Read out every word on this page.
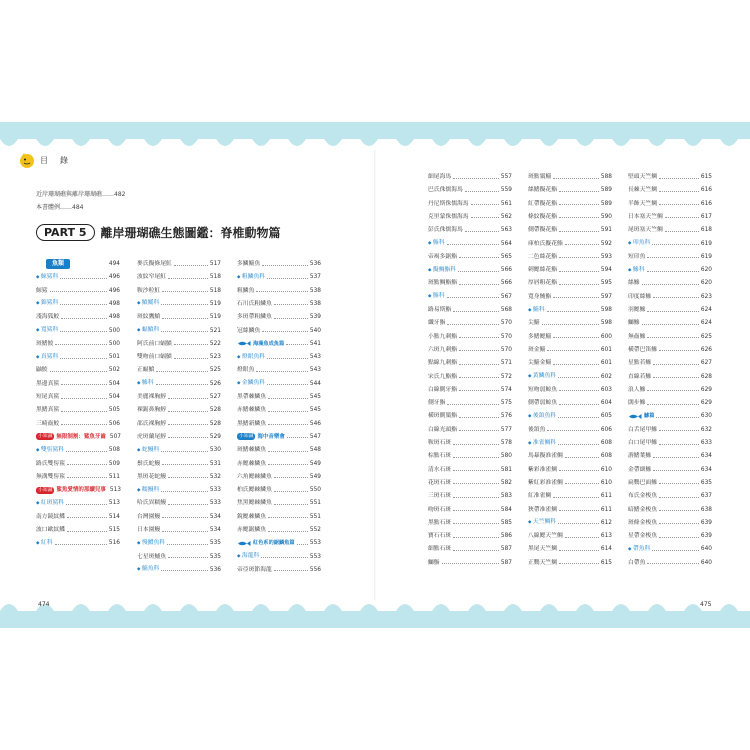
目　錄
近岸珊瑚礁與離岸珊瑚礁……482
本書體例……484
PART 5	離岸珊瑚礁生態圖鑑：脊椎動物篇
魚類	494
◆ 鯨鯊科	496
鯨鯊	496
◆ 錦鯊科	498
淺海狐鮫	498
◆ 寬鯊科	500
斑鰭鮫	500
◆ 真鯊科	501
鼬鮫	502
黑邊真鯊	504
短尾真鯊	504
黑鰭真鯊	505
三崎齒鮫	506
小知識 無限制割：鯊魚牙齒 507
◆ 雙髻鯊科	508
路氏雙髻鯊	509
無溝雙髻鯊	511
小知識 鯊魚愛情的那續兒事 513
◆ 紅斑鯊科	513
南方鏡紋鰈	514
波口歐紋鰈	515
◆ 紅科	516
麥氏擬條尾魟	517
波紋窄尾魟	518
鞍沙粒魟	518
◆ 鱝鰩科	519
斑紋鷹鱝	519
◆ 蝠鱝科	521
阿氏前口蝠鱝	522
雙吻前口蝠鱝	523
正蝠鱝	525
◆ 鰺科	526
美麗裸胸鯙	527
裸鋸鼻胸鯙	528
邵氏裸胸鯙	528
虎斑蘭尾鯙	529
◆ 蛇鰻科	530
鬃氏蛇鰻	531
黑斑花蛇鰻	532
◆ 糯鰻科	533
哈氏異糯鰻	533
台灣園鰻	534
日本園鰻	534
◆ 慢鱧魚科	535
七星斑鯆魚	535
◆ 鯔魚科	536
多鱗鯔魚	536
◆ 粗鱗魚科	537
粗鱗魚	538
石川氏粗鱗魚	538
多斑帶粗鱗魚	539
冠絲鱗魚	540
海藻魚成魚篇	541
◆ 燈眼魚科	543
燈眼魚	543
◆ 金鱗魚科	544
黑帶棘鱗魚	545
赤鰭棘鱗魚	545
黑鰭新鱗魚	546
小知識 海中音樂會	547
斑鰭棘鱗魚	548
赤鰓棘鱗魚	549
六角鰓棘鱗魚	549
柏氏鰓棘鱗魚	550
焦黑鰓棘鱗魚	551
銳鰓棘鱗魚	551
赤鰓鋸鱗魚	552
紅色系的鋸鱗魚篇	553
◆ 海龍科	553
帝亞斑節海龍	556
細尾海馬	557
巴氏侏儒海馬	559
丹尼斯侏儒海馬	561
克里蒙侏儒海馬	562
彭氏侏儒海馬	563
◆ 鮨科	564
帝褐多鋸鮨	565
◆ 擬鯛鮨科	566
斑點鯛鮨鮨	566
◆ 鮨科	567
路易斯鮨	568
纖牙鮨	570
小點九刺鮨	570
六斑九刺鮨	570
點線九刺鮨	571
宋氏九鮨鮨	572
白線側牙鮨	574
側牙鮨	575
橫斑側鬚鮨	576
白線光頭鮨	577
鞍斑石斑	578
棕點石斑	580
清水石斑	581
花斑石斑	582
三斑石斑	583
吻斑石斑	584
黑點石斑	585
寶石石斑	586
細點石斑	587
鰤鮨	587
斑點鬚鯔	588
絲鰭擬花鮨	589
紅帶擬花鮨	589
條紋擬花鮨	590
側帶擬花鮨	591
庫柏氏擬花鮨	592
二色絲花鮨	593
刺鰓絲花鮨	594
厚唇粗花鮨	595
寬身鮪鮨	597
◆ 鯔科	598
尖鯔	598
多鰭鰓鯔	600
斑金鯔	601
尖鯔金鯔	601
◆ 黃鱗魚科	602
短吻弱鯨魚	603
側帶弱鯨魚	604
◆ 後頜魚科	605
後頜魚	606
◆ 准雀鯛科	608
馬暴擬准雀鯛	608
紫彩准雀鯛	610
紫紅彩准雀鯛	610
紅准雀鯛	611
狹帶准雀鯛	611
◆ 天竺鯛科	612
八線鰓天竺鯛	613
黑尾天竺鯛	614
正鸚天竺鯛	615
堅頭天竺鯛	615
長棘天竺鯛	616
半飾天竺鯛	616
日本塞天竺鯛	617
尾斑塞天竺鯛	618
◆ 叩魚科	619
短印魚	619
◆ 鰺科	620
絲鰺	620
印度絲鰺	623
羽鰓鰺	624
鰤鰺	624
無齒鰺	625
橫帶巴笛鰺	626
星點若鰺	627
直線若鰺	628
浪人鰺	629
闊步鰺	629
鰺篇	630
白舌尾甲鰺	632
白口尾甲鰺	633
游鰭葉鰺	634
金帶細鰺	634
扁鸚巴面鰺	635
布氏金梭魚	637
暗鰭金梭魚	638
斑條金梭魚	639
星帶金梭魚	639
◆ 帶魚科	640
白帶魚	640
474	475
